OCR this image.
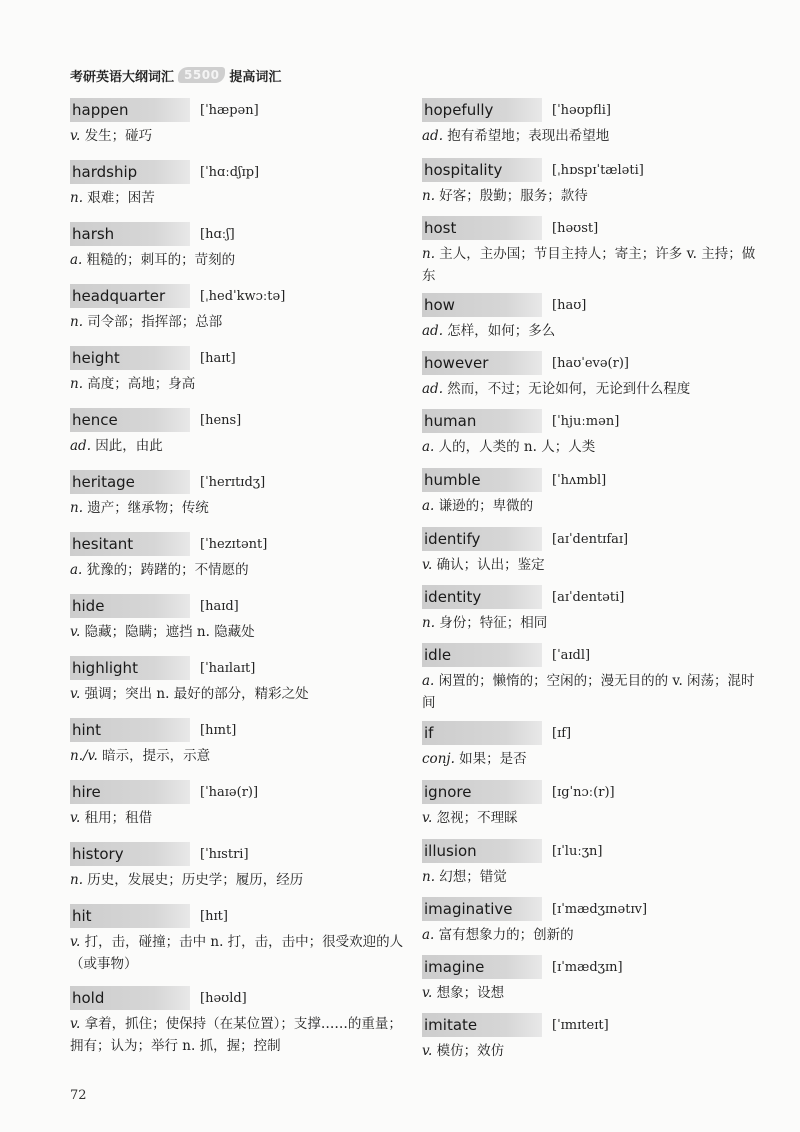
考研英语大纲词汇 5500 提高词汇
happen	[ˈhæpən]
v. 发生；碰巧
hardship	[ˈhɑːdʃɪp]
n. 艰难；困苦
harsh	[hɑːʃ]
a. 粗糙的；刺耳的；苛刻的
headquarter	[ˌhedˈkwɔːtə]
n. 司令部；指挥部；总部
height	[haɪt]
n. 高度；高地；身高
hence	[hens]
ad. 因此，由此
heritage	[ˈherɪtɪdʒ]
n. 遗产；继承物；传统
hesitant	[ˈhezɪtənt]
a. 犹豫的；踌躇的；不情愿的
hide	[haɪd]
v. 隐藏；隐瞒；遮挡 n. 隐藏处
highlight	[ˈhaɪlaɪt]
v. 强调；突出 n. 最好的部分，精彩之处
hint	[hɪnt]
n./v. 暗示，提示，示意
hire	[ˈhaɪə(r)]
v. 租用；租借
history	[ˈhɪstri]
n. 历史，发展史；历史学；履历，经历
hit	[hɪt]
v. 打，击，碰撞；击中 n. 打，击，击中；很受欢迎的人（或事物）
hold	[həʊld]
v. 拿着，抓住；使保持（在某位置）；支撑……的重量；拥有；认为；举行 n. 抓，握；控制
hopefully	[ˈhəʊpfli]
ad. 抱有希望地；表现出希望地
hospitality	[ˌhɒspɪˈtæləti]
n. 好客；殷勤；服务；款待
host	[həʊst]
n. 主人，主办国；节目主持人；寄主；许多 v. 主持；做东
how	[haʊ]
ad. 怎样，如何；多么
however	[haʊˈevə(r)]
ad. 然而，不过；无论如何，无论到什么程度
human	[ˈhjuːmən]
a. 人的，人类的 n. 人；人类
humble	[ˈhʌmbl]
a. 谦逊的；卑微的
identify	[aɪˈdentɪfaɪ]
v. 确认；认出；鉴定
identity	[aɪˈdentəti]
n. 身份；特征；相同
idle	[ˈaɪdl]
a. 闲置的；懒惰的；空闲的；漫无目的的 v. 闲荡；混时间
if	[ɪf]
conj. 如果；是否
ignore	[ɪgˈnɔː(r)]
v. 忽视；不理睬
illusion	[ɪˈluːʒn]
n. 幻想；错觉
imaginative	[ɪˈmædʒɪnətɪv]
a. 富有想象力的；创新的
imagine	[ɪˈmædʒɪn]
v. 想象；设想
imitate	[ˈɪmɪteɪt]
v. 模仿；效仿
72
